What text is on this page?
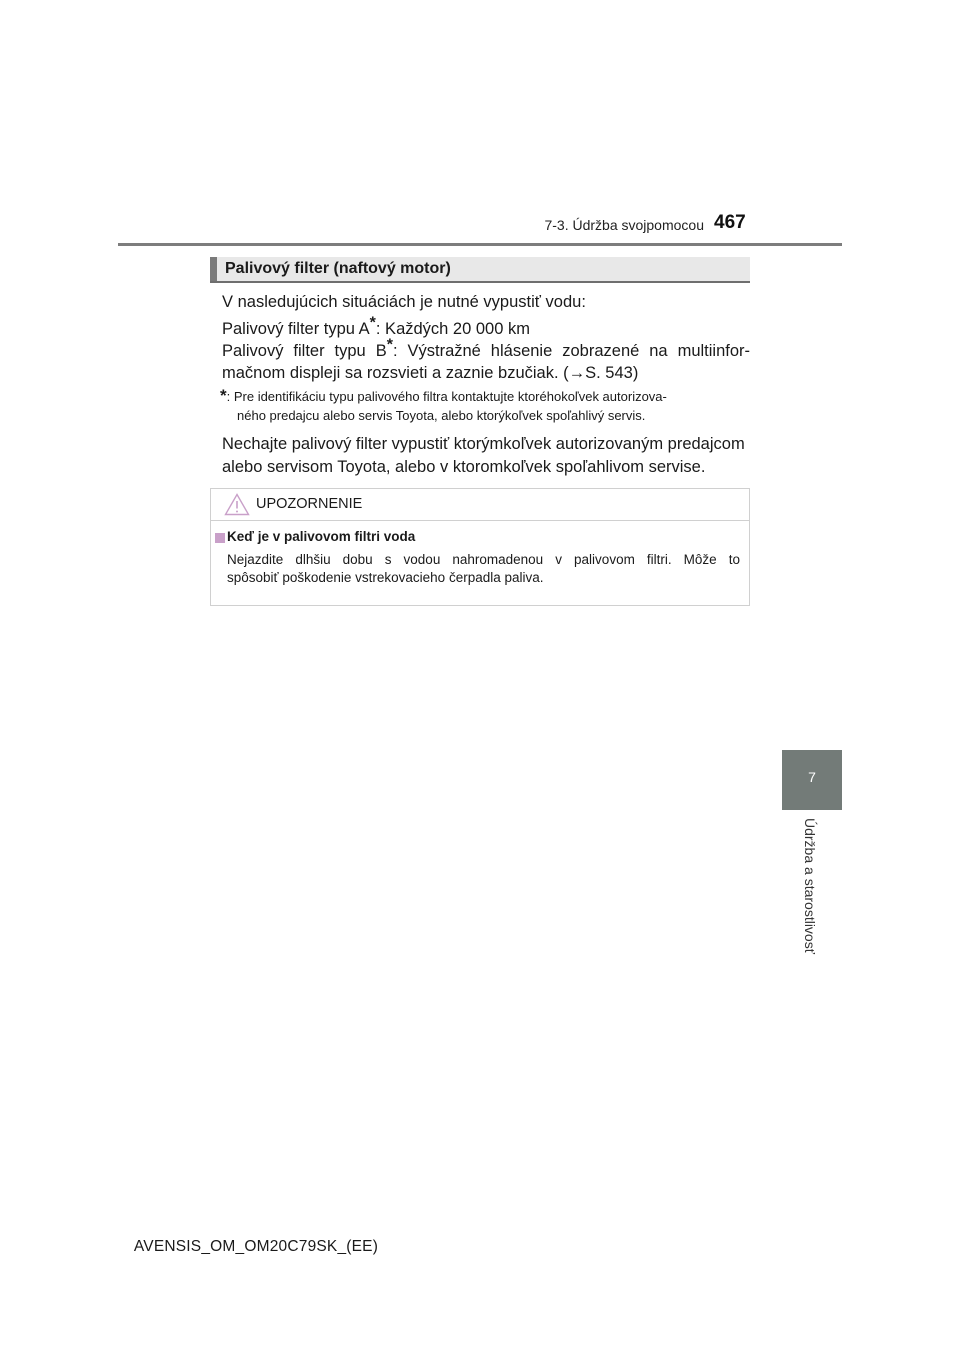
7-3. Údržba svojpomocou 467
7
Údržba a starostlivosť
Palivový filter (naftový motor)
V nasledujúcich situáciách je nutné vypustiť vodu:
Palivový filter typu A*: Každých 20 000 km
Palivový filter typu B*: Výstražné hlásenie zobrazené na multiinfor-
mačnom displeji sa rozsvieti a zaznie bzučiak. (→S. 543)
*: Pre identifikáciu typu palivového filtra kontaktujte ktoréhokoľvek autorizova-
ného predajcu alebo servis Toyota, alebo ktorýkoľvek spoľahlivý servis.
Nechajte palivový filter vypustiť ktorýmkoľvek autorizovaným predajcom
alebo servisom Toyota, alebo v ktoromkoľvek spoľahlivom servise.
UPOZORNENIE
Keď je v palivovom filtri voda
Nejazdite dlhšiu dobu s vodou nahromadenou v palivovom filtri. Môže to
spôsobiť poškodenie vstrekovacieho čerpadla paliva.
AVENSIS_OM_OM20C79SK_(EE)
